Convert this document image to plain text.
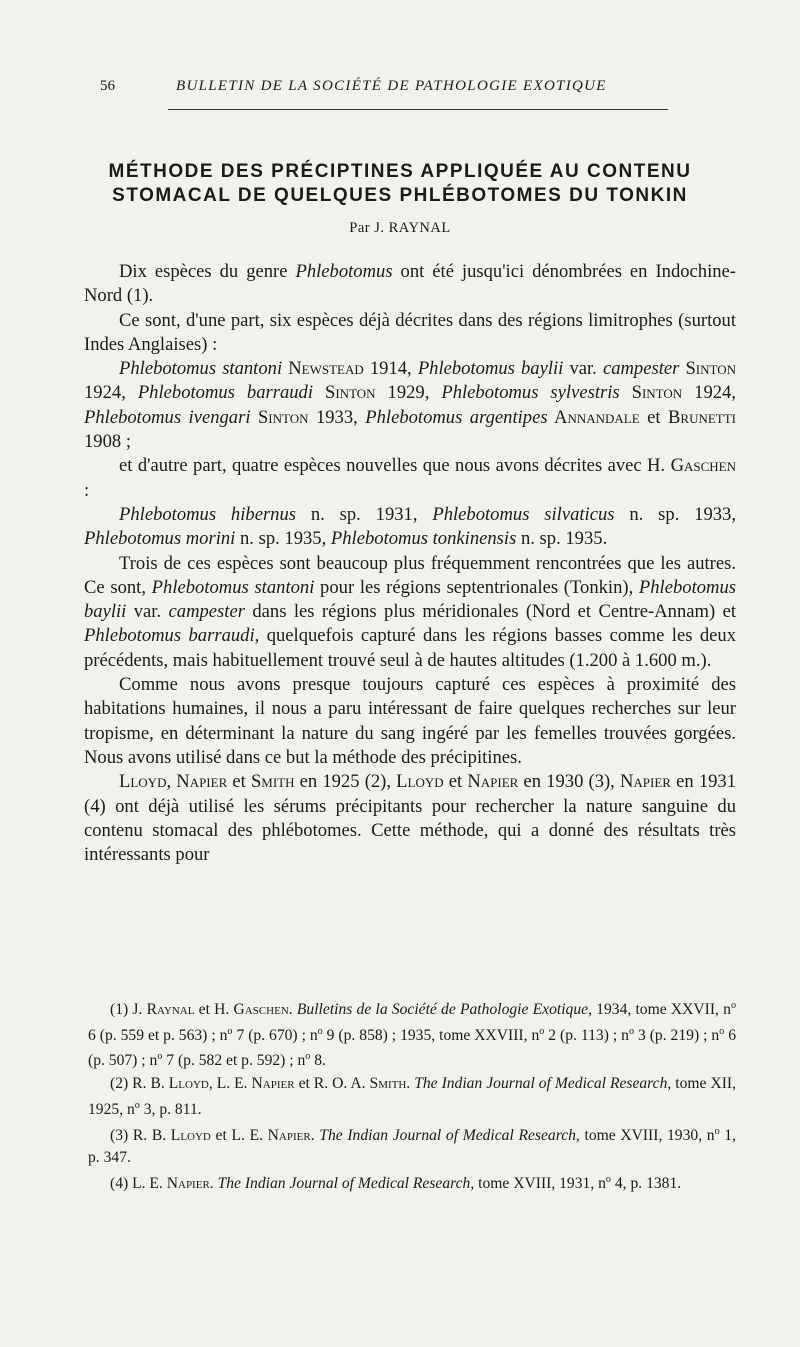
56	BULLETIN DE LA SOCIÉTÉ DE PATHOLOGIE EXOTIQUE
MÉTHODE DES PRÉCIPTINES APPLIQUÉE AU CONTENU
STOMACAL DE QUELQUES PHLÉBOTOMES DU TONKIN
Par J. RAYNAL

Dix espèces du genre Phlebotomus ont été jusqu'ici dénombrées en Indochine-Nord (1).

Ce sont, d'une part, six espèces déjà décrites dans des régions limitrophes (surtout Indes Anglaises) :

Phlebotomus stantoni Newstead 1914, Phlebotomus baylii var. campester Sinton 1924, Phlebotomus barraudi Sinton 1929, Phlebotomus sylvestris Sinton 1924, Phlebotomus ivengari Sinton 1933, Phlebotomus argentipes Annandale et Brunetti 1908 ;

et d'autre part, quatre espèces nouvelles que nous avons décrites avec H. Gaschen :

Phlebotomus hibernus n. sp. 1931, Phlebotomus silvaticus n. sp. 1933, Phlebotomus morini n. sp. 1935, Phlebotomus tonkinensis n. sp. 1935.

Trois de ces espèces sont beaucoup plus fréquemment rencontrées que les autres. Ce sont, Phlebotomus stantoni pour les régions septentrionales (Tonkin), Phlebotomus baylii var. campester dans les régions plus méridionales (Nord et Centre-Annam) et Phlebotomus barraudi, quelquefois capturé dans les régions basses comme les deux précédents, mais habituellement trouvé seul à de hautes altitudes (1.200 à 1.600 m.).

Comme nous avons presque toujours capturé ces espèces à proximité des habitations humaines, il nous a paru intéressant de faire quelques recherches sur leur tropisme, en déterminant la nature du sang ingéré par les femelles trouvées gorgées. Nous avons utilisé dans ce but la méthode des précipitines.

Lloyd, Napier et Smith en 1925 (2), Lloyd et Napier en 1930 (3), Napier en 1931 (4) ont déjà utilisé les sérums précipitants pour rechercher la nature sanguine du contenu stomacal des phlébotomes. Cette méthode, qui a donné des résultats très intéressants pour

(1) J. Raynal et H. Gaschen. Bulletins de la Société de Pathologie Exotique, 1934, tome XXVII, $n^o$ 6 (p. 559 et p. 563) ; $n^o$ 7 (p. 670) ; $n^o$ 9 (p. 858) ; 1935, tome XXVIII, $n^o$ 2 (p. 113) ; $n^o$ 3 (p. 219) ; $n^o$ 6 (p. 507) ; $n^o$ 7 (p. 582 et p. 592) ; $n^o$ 8.

(2) R. B. Lloyd, L. E. Napier et R. O. A. Smith. The Indian Journal of Medical Research, tome XII, 1925, $n^o$ 3, p. 811.

(3) R. B. Lloyd et L. E. Napier. The Indian Journal of Medical Research, tome XVIII, 1930, $n^o$ 1, p. 347.

(4) L. E. Napier. The Indian Journal of Medical Research, tome XVIII, 1931, $n^o$ 4, p. 1381.
